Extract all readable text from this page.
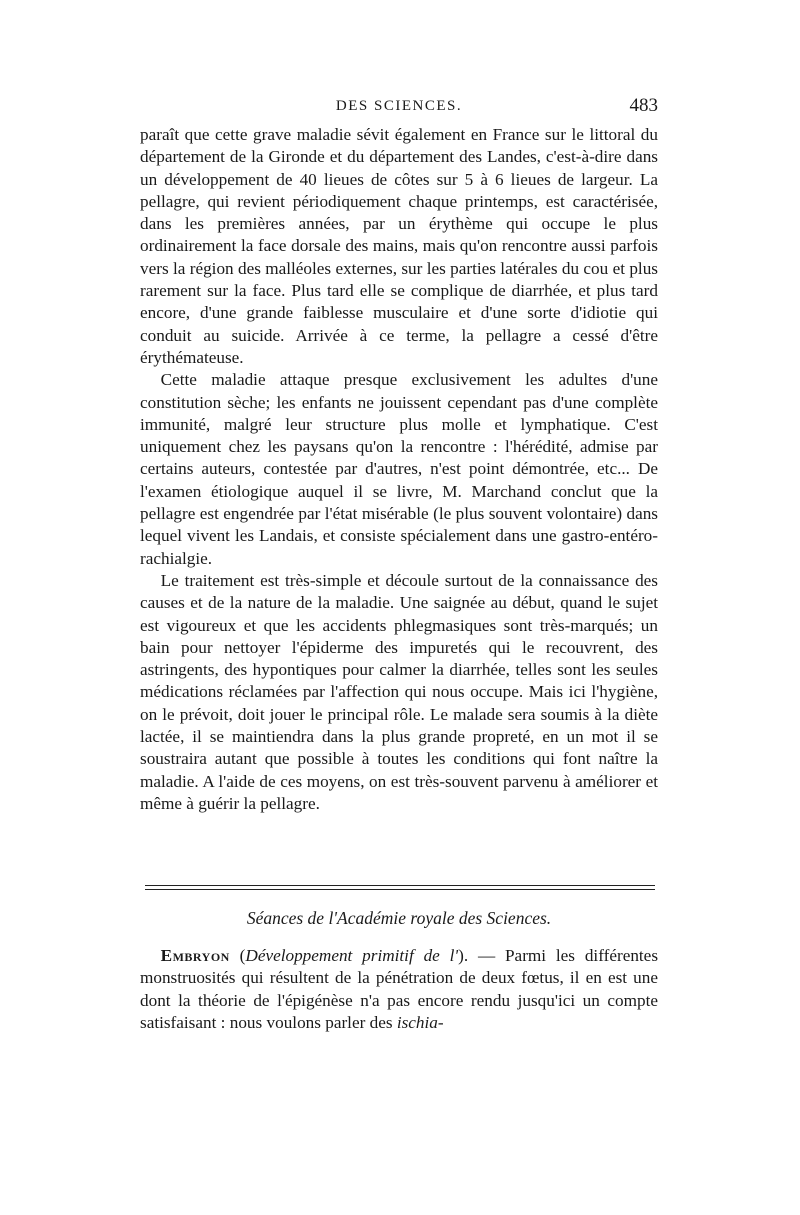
DES SCIENCES.	483

paraît que cette grave maladie sévit également en France sur le littoral du département de la Gironde et du département des Landes, c'est-à-dire dans un développement de 40 lieues de côtes sur 5 à 6 lieues de largeur. La pellagre, qui revient périodiquement chaque printemps, est caractérisée, dans les premières années, par un érythème qui occupe le plus ordinairement la face dorsale des mains, mais qu'on rencontre aussi parfois vers la région des malléoles externes, sur les parties latérales du cou et plus rarement sur la face. Plus tard elle se complique de diarrhée, et plus tard encore, d'une grande faiblesse musculaire et d'une sorte d'idiotie qui conduit au suicide. Arrivée à ce terme, la pellagre a cessé d'être érythémateuse.

Cette maladie attaque presque exclusivement les adultes d'une constitution sèche; les enfants ne jouissent cependant pas d'une complète immunité, malgré leur structure plus molle et lymphatique. C'est uniquement chez les paysans qu'on la rencontre : l'hérédité, admise par certains auteurs, contestée par d'autres, n'est point démontrée, etc... De l'examen étiologique auquel il se livre, M. Marchand conclut que la pellagre est engendrée par l'état misérable (le plus souvent volontaire) dans lequel vivent les Landais, et consiste spécialement dans une gastro-entéro-rachialgie.

Le traitement est très-simple et découle surtout de la connaissance des causes et de la nature de la maladie. Une saignée au début, quand le sujet est vigoureux et que les accidents phlegmasiques sont très-marqués; un bain pour nettoyer l'épiderme des impuretés qui le recouvrent, des astringents, des hypontiques pour calmer la diarrhée, telles sont les seules médications réclamées par l'affection qui nous occupe. Mais ici l'hygiène, on le prévoit, doit jouer le principal rôle. Le malade sera soumis à la diète lactée, il se maintiendra dans la plus grande propreté, en un mot il se soustraira autant que possible à toutes les conditions qui font naître la maladie. A l'aide de ces moyens, on est très-souvent parvenu à améliorer et même à guérir la pellagre.

Séances de l'Académie royale des Sciences.

Embryon (Développement primitif de l'). — Parmi les différentes monstruosités qui résultent de la pénétration de deux fœtus, il en est une dont la théorie de l'épigénèse n'a pas encore rendu jusqu'ici un compte satisfaisant : nous voulons parler des ischia-
